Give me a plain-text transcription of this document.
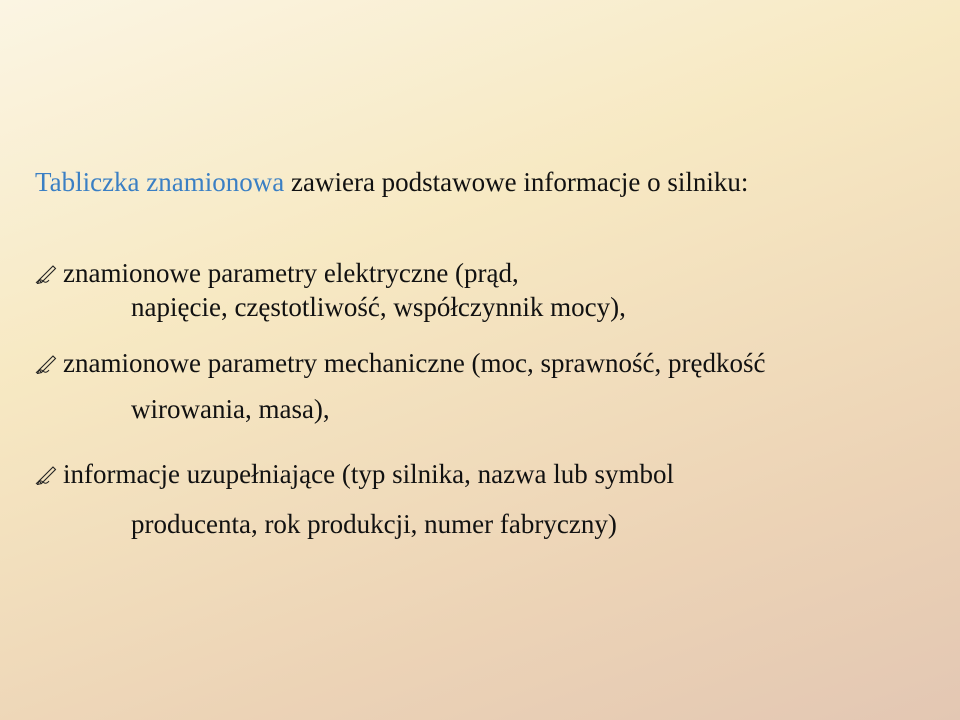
Tabliczka znamionowa zawiera podstawowe informacje o silniku:
znamionowe parametry elektryczne (prąd,
napięcie, częstotliwość, współczynnik mocy),
znamionowe parametry mechaniczne (moc, sprawność, prędkość
wirowania, masa),
informacje uzupełniające (typ silnika, nazwa lub symbol
producenta, rok produkcji, numer fabryczny)
